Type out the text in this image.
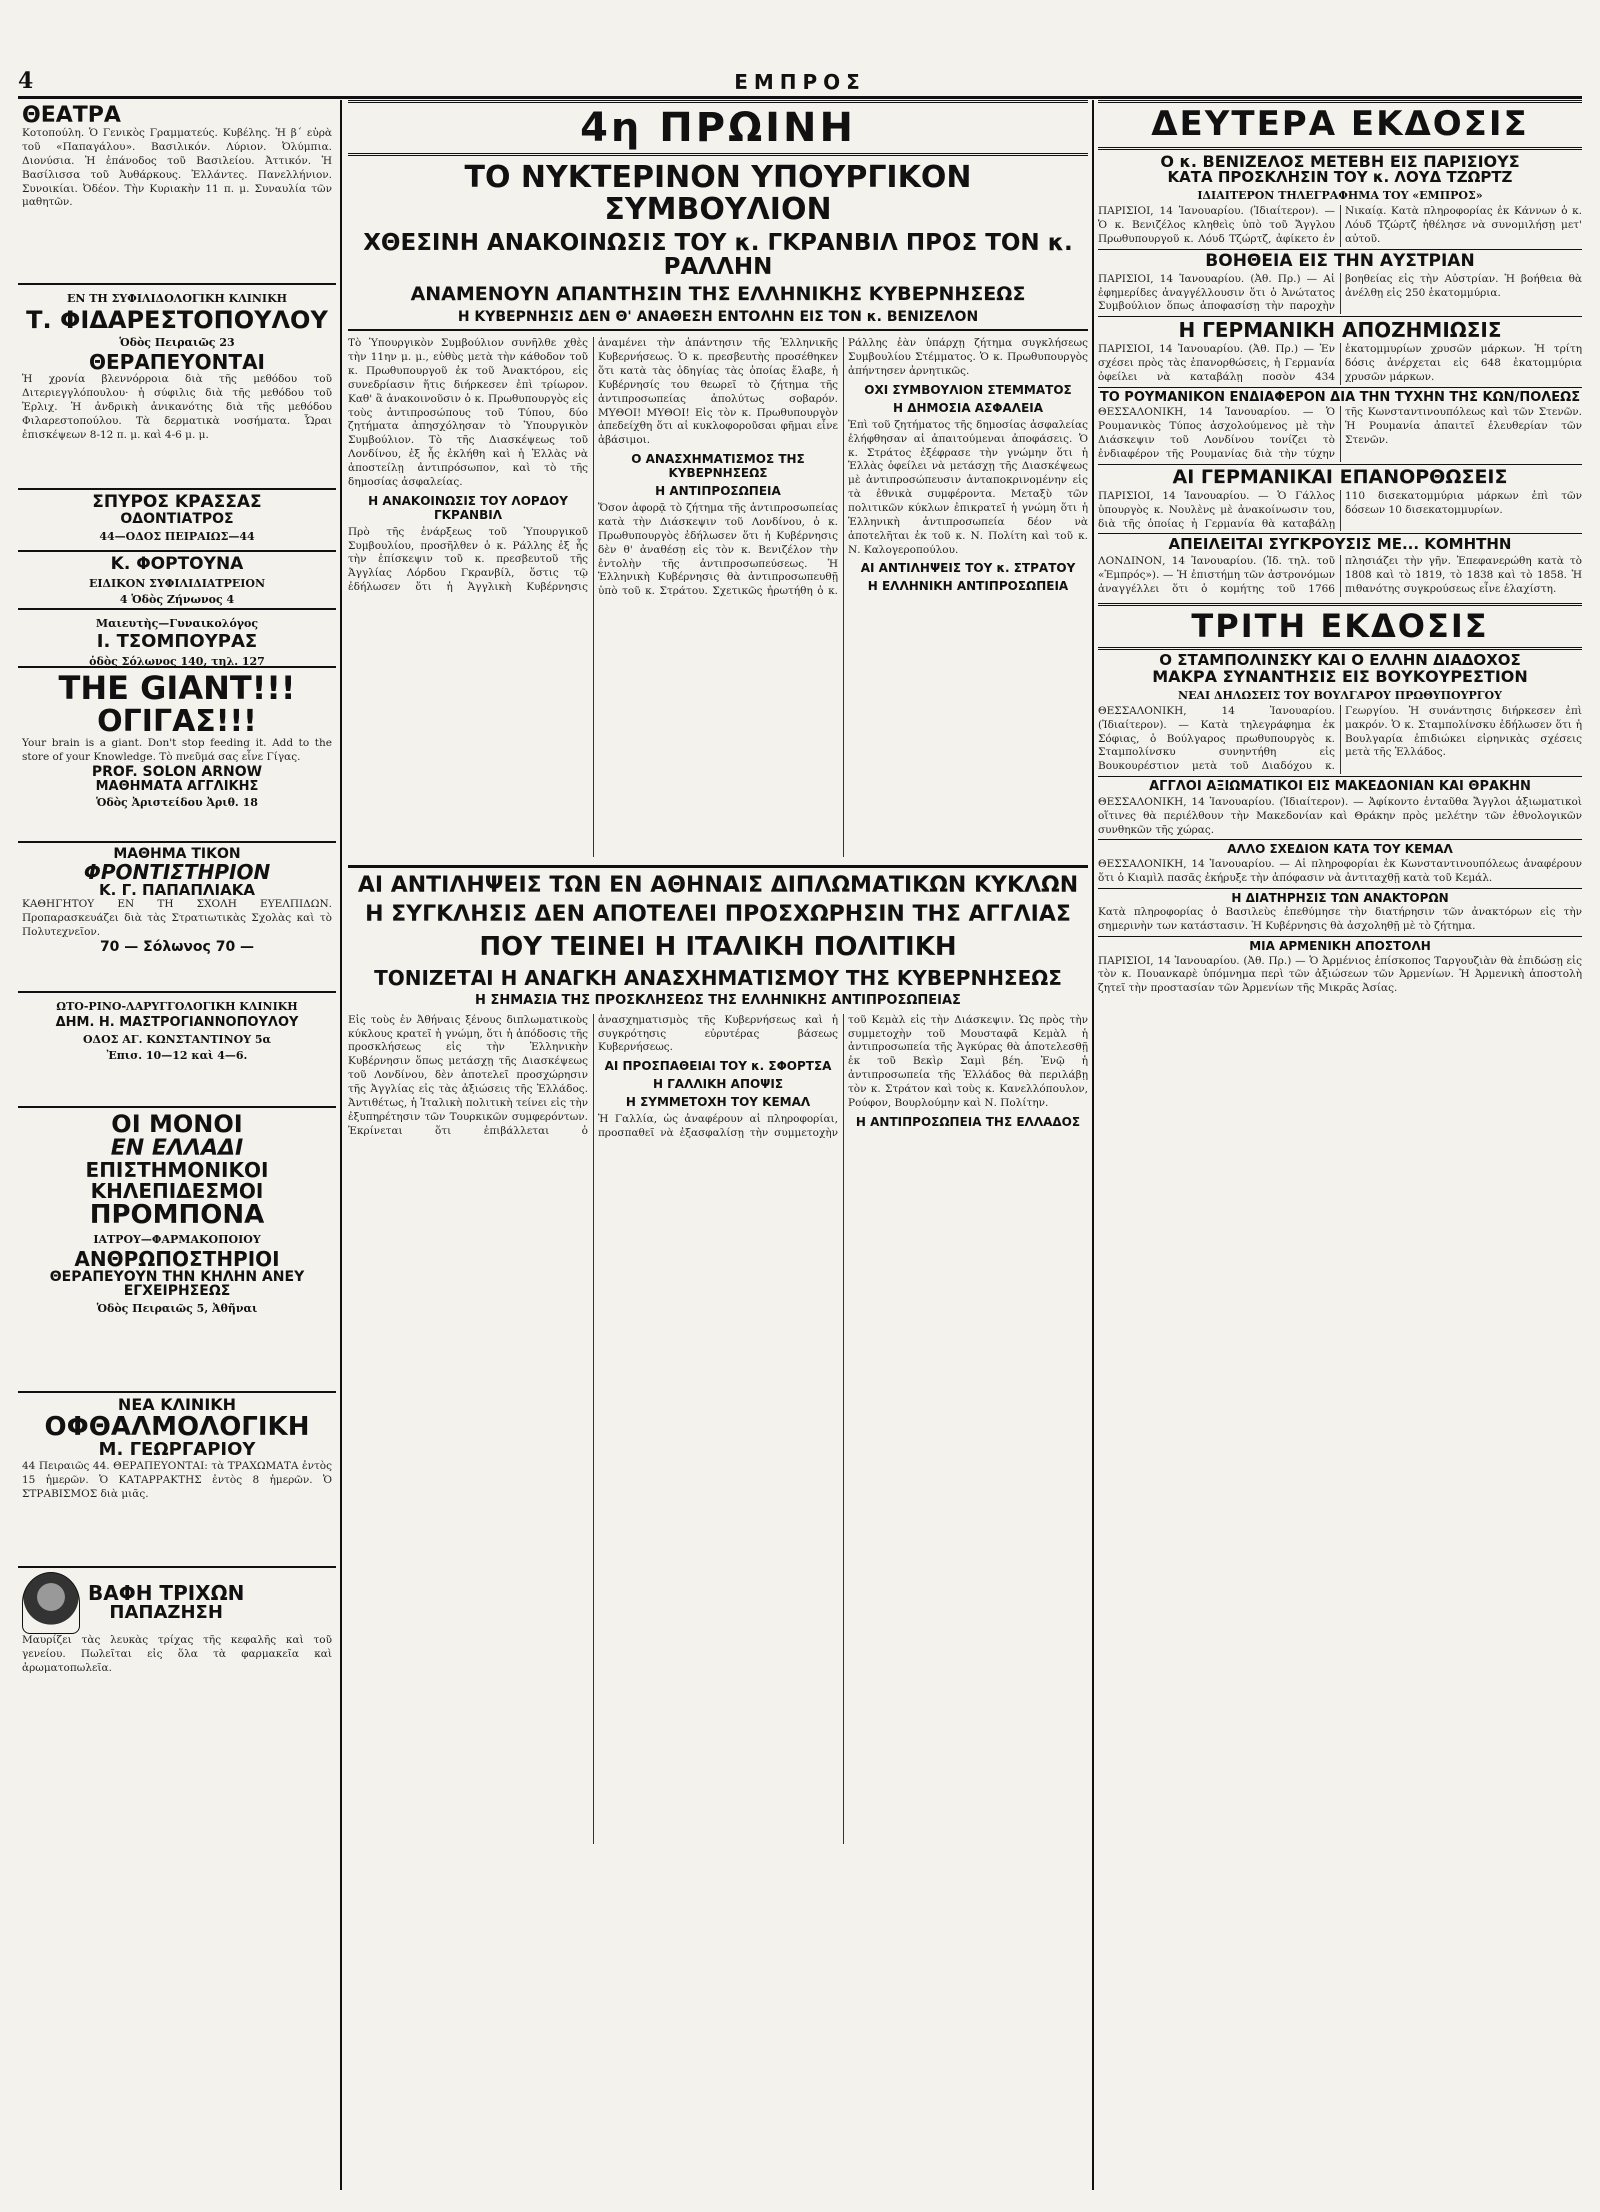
4	ΕΜΠΡΟΣ
ΘΕΑΤΡΑ
Κοτοπούλη. Ὁ Γενικὸς Γραμματεύς. Κυβέλης. Ἡ β΄ εὐρὰ τοῦ «Παπαγάλου». Βασιλικόν. Λύριον. Ὀλύμπια. Διονύσια. Ἡ ἐπάνοδος τοῦ Βασιλείου. Ἀττικόν. Ἡ Βασίλισσα τοῦ Ἀυθάρκους. Ἐλλάντες. Πανελλήνιον. Συνοικίαι. Ὀδέον. Τὴν Κυριακὴν 11 π. μ. Συναυλία τῶν μαθητῶν.
ΕΝ ΤΗ ΣΥΦΙΛΙΔΟΛΟΓΙΚΗ ΚΛΙΝΙΚΗ
Τ. ΦΙΔΑΡΕΣΤΟΠΟΥΛΟΥ
Ὁδὸς Πειραιῶς 23
ΘΕΡΑΠΕΥΟΝΤΑΙ
Ἡ χρονία βλεννόρροια διὰ τῆς μεθόδου τοῦ Διτεριεγγλόπουλου· ἡ σύφιλις διὰ τῆς μεθόδου τοῦ Ἐρλιχ. Ἡ ἀνδρικὴ ἀνικανότης διὰ τῆς μεθόδου Φιλαρεστοπούλου. Τὰ δερματικὰ νοσήματα. Ὧραι ἐπισκέψεων 8-12 π. μ. καὶ 4-6 μ. μ.
ΣΠΥΡΟΣ ΚΡΑΣΣΑΣ
ΟΔΟΝΤΙΑΤΡΟΣ
44—ΟΔΟΣ ΠΕΙΡΑΙΩΣ—44
Κ. ΦΟΡΤΟΥΝΑ
ΕΙΔΙΚΟΝ ΣΥΦΙΛΙΔΙΑΤΡΕΙΟΝ
4 Ὁδὸς Ζήνωνος 4
Μαιευτὴς—Γυναικολόγος
Ι. ΤΣΟΜΠΟΥΡΑΣ
ὁδὸς Σόλωνος 140, τηλ. 127
THE GIANT!!!
ΟΓΙΓΑΣ!!!
Your brain is a giant. Don't stop feeding it. Add to the store of your Knowledge. Τὸ πνεῦμά σας εἶνε Γίγας.
PROF. SOLON ARNOW
ΜΑΘΗΜΑΤΑ ΑΓΓΛΙΚΗΣ
Ὁδὸς Ἀριστείδου Ἀριθ. 18
ΜΑΘΗΜΑ ΤΙΚΟΝ
ΦΡΟΝΤΙΣΤΗΡΙΟΝ
Κ. Γ. ΠΑΠΑΠΛΙΑΚΑ
ΚΑΘΗΓΗΤΟΥ ΕΝ ΤΗ ΣΧΟΛΗ ΕΥΕΛΠΙΔΩΝ. Προπαρασκευάζει διὰ τὰς Στρατιωτικὰς Σχολὰς καὶ τὸ Πολυτεχνεῖον.
70 — Σόλωνος 70 —
ΩΤΟ-ΡΙΝΟ-ΛΑΡΥΓΓΟΛΟΓΙΚΗ ΚΛΙΝΙΚΗ
ΔΗΜ. Η. ΜΑΣΤΡΟΓΙΑΝΝΟΠΟΥΛΟΥ
ΟΔΟΣ ΑΓ. ΚΩΝΣΤΑΝΤΙΝΟΥ 5α
Ἐπισ. 10—12 καὶ 4—6.
ΟΙ ΜΟΝΟΙ
ΕΝ ΕΛΛΑΔΙ
ΕΠΙΣΤΗΜΟΝΙΚΟΙ
ΚΗΛΕΠΙΔΕΣΜΟΙ
ΠΡΟΜΠΟΝΑ
ΙΑΤΡΟΥ—ΦΑΡΜΑΚΟΠΟΙΟΥ
ΑΝΘΡΩΠΟΣΤΗΡΙΟΙ
ΘΕΡΑΠΕΥΟΥΝ ΤΗΝ ΚΗΛΗΝ ΑΝΕΥ ΕΓΧΕΙΡΗΣΕΩΣ
Ὁδὸς Πειραιῶς 5, Ἀθῆναι
ΝΕΑ ΚΛΙΝΙΚΗ
ΟΦΘΑΛΜΟΛΟΓΙΚΗ
Μ. ΓΕΩΡΓΑΡΙΟΥ
44 Πειραιῶς 44. ΘΕΡΑΠΕΥΟΝΤΑΙ: τὰ ΤΡΑΧΩΜΑΤΑ ἐντὸς 15 ἡμερῶν. Ὁ ΚΑΤΑΡΡΑΚΤΗΣ ἐντὸς 8 ἡμερῶν. Ὁ ΣΤΡΑΒΙΣΜΟΣ διὰ μιᾶς.
ΒΑΦΗ ΤΡΙΧΩΝ
ΠΑΠΑΖΗΣΗ
Μαυρίζει τὰς λευκὰς τρίχας τῆς κεφαλῆς καὶ τοῦ γενείου. Πωλεῖται εἰς ὅλα τὰ φαρμακεῖα καὶ ἀρωματοπωλεῖα.
4η ΠΡΩΙΝΗ
ΤΟ ΝΥΚΤΕΡΙΝΟΝ ΥΠΟΥΡΓΙΚΟΝ ΣΥΜΒΟΥΛΙΟΝ
ΧΘΕΣΙΝΗ ΑΝΑΚΟΙΝΩΣΙΣ ΤΟΥ κ. ΓΚΡΑΝΒΙΛ ΠΡΟΣ ΤΟΝ κ. ΡΑΛΛΗΝ
ΑΝΑΜΕΝΟΥΝ ΑΠΑΝΤΗΣΙΝ ΤΗΣ ΕΛΛΗΝΙΚΗΣ ΚΥΒΕΡΝΗΣΕΩΣ
Η ΚΥΒΕΡΝΗΣΙΣ ΔΕΝ Θ' ΑΝΑΘΕΣΗ ΕΝΤΟΛΗΝ ΕΙΣ ΤΟΝ κ. ΒΕΝΙΖΕΛΟΝ

Τὸ Ὑπουργικὸν Συμβούλιον συνῆλθε χθὲς τὴν 11ην μ. μ., εὐθὺς μετὰ τὴν κάθοδον τοῦ κ. Πρωθυπουργοῦ ἐκ τοῦ Ἀνακτόρου, εἰς συνεδρίασιν ἥτις διήρκεσεν ἐπὶ τρίωρον. Καθ' ἃ ἀνακοινοῦσιν ὁ κ. Πρωθυπουργὸς εἰς τοὺς ἀντιπροσώπους τοῦ Τύπου, δύο ζητήματα ἀπησχόλησαν τὸ Ὑπουργικὸν Συμβούλιον. Τὸ τῆς Διασκέψεως τοῦ Λονδίνου, ἐξ ἧς ἐκλήθη καὶ ἡ Ἑλλὰς νὰ ἀποστείλῃ ἀντιπρόσωπον, καὶ τὸ τῆς δημοσίας ἀσφαλείας.

Η ΑΝΑΚΟΙΝΩΣΙΣ ΤΟΥ ΛΟΡΔΟΥ ΓΚΡΑΝΒΙΛ

Πρὸ τῆς ἐνάρξεως τοῦ Ὑπουργικοῦ Συμβουλίου, προσῆλθεν ὁ κ. Ράλλης ἐξ ἧς τὴν ἐπίσκεψιν τοῦ κ. πρεσβευτοῦ τῆς Ἀγγλίας Λόρδου Γκρανβίλ, ὅστις τῷ ἐδήλωσεν ὅτι ἡ Ἀγγλικὴ Κυβέρνησις ἀναμένει τὴν ἀπάντησιν τῆς Ἑλληνικῆς Κυβερνήσεως. Ὁ κ. πρεσβευτὴς προσέθηκεν ὅτι κατὰ τὰς ὁδηγίας τὰς ὁποίας ἔλαβε, ἡ Κυβέρνησίς του θεωρεῖ τὸ ζήτημα τῆς ἀντιπροσωπείας ἀπολύτως σοβαρόν. ΜΥΘΟΙ! ΜΥΘΟΙ! Εἰς τὸν κ. Πρωθυπουργὸν ἀπεδείχθη ὅτι αἱ κυκλοφοροῦσαι φῆμαι εἶνε ἀβάσιμοι.

Ο ΑΝΑΣΧΗΜΑΤΙΣΜΟΣ ΤΗΣ ΚΥΒΕΡΝΗΣΕΩΣ
Η ΑΝΤΙΠΡΟΣΩΠΕΙΑ

Ὅσον ἀφορᾷ τὸ ζήτημα τῆς ἀντιπροσωπείας κατὰ τὴν Διάσκεψιν τοῦ Λονδίνου, ὁ κ. Πρωθυπουργὸς ἐδήλωσεν ὅτι ἡ Κυβέρνησις δὲν θ' ἀναθέσῃ εἰς τὸν κ. Βενιζέλον τὴν ἐντολὴν τῆς ἀντιπροσωπεύσεως. Ἡ Ἑλληνικὴ Κυβέρνησις θὰ ἀντιπροσωπευθῇ ὑπὸ τοῦ κ. Στράτου. Σχετικῶς ἠρωτήθη ὁ κ. Ράλλης ἐὰν ὑπάρχῃ ζήτημα συγκλήσεως Συμβουλίου Στέμματος. Ὁ κ. Πρωθυπουργὸς ἀπήντησεν ἀρνητικῶς.

ΟΧΙ ΣΥΜΒΟΥΛΙΟΝ ΣΤΕΜΜΑΤΟΣ
Η ΔΗΜΟΣΙΑ ΑΣΦΑΛΕΙΑ

Ἐπὶ τοῦ ζητήματος τῆς δημοσίας ἀσφαλείας ἐλήφθησαν αἱ ἀπαιτούμεναι ἀποφάσεις. Ὁ κ. Στράτος ἐξέφρασε τὴν γνώμην ὅτι ἡ Ἑλλὰς ὀφείλει νὰ μετάσχῃ τῆς Διασκέψεως μὲ ἀντιπροσώπευσιν ἀνταποκρινομένην εἰς τὰ ἐθνικὰ συμφέροντα. Μεταξὺ τῶν πολιτικῶν κύκλων ἐπικρατεῖ ἡ γνώμη ὅτι ἡ Ἑλληνικὴ ἀντιπροσωπεία δέον νὰ ἀποτελῆται ἐκ τοῦ κ. Ν. Πολίτη καὶ τοῦ κ. Ν. Καλογεροπούλου.

ΑΙ ΑΝΤΙΛΗΨΕΙΣ ΤΟΥ κ. ΣΤΡΑΤΟΥ
Η ΕΛΛΗΝΙΚΗ ΑΝΤΙΠΡΟΣΩΠΕΙΑ
ΑΙ ΑΝΤΙΛΗΨΕΙΣ ΤΩΝ ΕΝ ΑΘΗΝΑΙΣ ΔΙΠΛΩΜΑΤΙΚΩΝ ΚΥΚΛΩΝ
Η ΣΥΓΚΛΗΣΙΣ ΔΕΝ ΑΠΟΤΕΛΕΙ ΠΡΟΣΧΩΡΗΣΙΝ ΤΗΣ ΑΓΓΛΙΑΣ
ΠΟΥ ΤΕΙΝΕΙ Η ΙΤΑΛΙΚΗ ΠΟΛΙΤΙΚΗ
ΤΟΝΙΖΕΤΑΙ Η ΑΝΑΓΚΗ ΑΝΑΣΧΗΜΑΤΙΣΜΟΥ ΤΗΣ ΚΥΒΕΡΝΗΣΕΩΣ
Η ΣΗΜΑΣΙΑ ΤΗΣ ΠΡΟΣΚΛΗΣΕΩΣ ΤΗΣ ΕΛΛΗΝΙΚΗΣ ΑΝΤΙΠΡΟΣΩΠΕΙΑΣ

Εἰς τοὺς ἐν Ἀθήναις ξένους διπλωματικοὺς κύκλους κρατεῖ ἡ γνώμη, ὅτι ἡ ἀπόδοσις τῆς προσκλήσεως εἰς τὴν Ἑλληνικὴν Κυβέρνησιν ὅπως μετάσχῃ τῆς Διασκέψεως τοῦ Λονδίνου, δὲν ἀποτελεῖ προσχώρησιν τῆς Ἀγγλίας εἰς τὰς ἀξιώσεις τῆς Ἑλλάδος. Ἀντιθέτως, ἡ Ἰταλικὴ πολιτικὴ τείνει εἰς τὴν ἐξυπηρέτησιν τῶν Τουρκικῶν συμφερόντων. Ἐκρίνεται ὅτι ἐπιβάλλεται ὁ ἀνασχηματισμὸς τῆς Κυβερνήσεως καὶ ἡ συγκρότησις εὐρυτέρας βάσεως Κυβερνήσεως.

ΑΙ ΠΡΟΣΠΑΘΕΙΑΙ ΤΟΥ κ. ΣΦΟΡΤΣΑ
Η ΓΑΛΛΙΚΗ ΑΠΟΨΙΣ
Η ΣΥΜΜΕΤΟΧΗ ΤΟΥ ΚΕΜΑΛ

Ἡ Γαλλία, ὡς ἀναφέρουν αἱ πληροφορίαι, προσπαθεῖ νὰ ἐξασφαλίσῃ τὴν συμμετοχὴν τοῦ Κεμὰλ εἰς τὴν Διάσκεψιν. Ὡς πρὸς τὴν συμμετοχὴν τοῦ Μουσταφᾶ Κεμὰλ ἡ ἀντιπροσωπεία τῆς Ἀγκύρας θὰ ἀποτελεσθῇ ἐκ τοῦ Βεκὶρ Σαμὶ βέη. Ἐνῷ ἡ ἀντιπροσωπεία τῆς Ἑλλάδος θὰ περιλάβῃ τὸν κ. Στράτον καὶ τοὺς κ. Κανελλόπουλον, Ρούφον, Βουρλούμην καὶ Ν. Πολίτην.

Η ΑΝΤΙΠΡΟΣΩΠΕΙΑ ΤΗΣ ΕΛΛΑΔΟΣ
ΔΕΥΤΕΡΑ ΕΚΔΟΣΙΣ
Ο κ. ΒΕΝΙΖΕΛΟΣ ΜΕΤΕΒΗ ΕΙΣ ΠΑΡΙΣΙΟΥΣ
ΚΑΤΑ ΠΡΟΣΚΛΗΣΙΝ ΤΟΥ κ. ΛΟΥΔ ΤΖΩΡΤΖ
ΙΔΙΑΙΤΕΡΟΝ ΤΗΛΕΓΡΑΦΗΜΑ ΤΟΥ «ΕΜΠΡΟΣ»

ΠΑΡΙΣΙΟΙ, 14 Ἰανουαρίου. (Ἰδιαίτερον). — Ὁ κ. Βενιζέλος κληθεὶς ὑπὸ τοῦ Ἄγγλου Πρωθυπουργοῦ κ. Λόυδ Τζώρτζ, ἀφίκετο ἐν Νικαίᾳ. Κατὰ πληροφορίας ἐκ Κάννων ὁ κ. Λόυδ Τζώρτζ ἠθέλησε νὰ συνομιλήσῃ μετ' αὐτοῦ.

ΒΟΗΘΕΙΑ ΕΙΣ ΤΗΝ ΑΥΣΤΡΙΑΝ

ΠΑΡΙΣΙΟΙ, 14 Ἰανουαρίου. (Ἀθ. Πρ.) — Αἱ ἐφημερίδες ἀναγγέλλουσιν ὅτι ὁ Ἀνώτατος Συμβούλιον ὅπως ἀποφασίσῃ τὴν παροχὴν βοηθείας εἰς τὴν Αὐστρίαν. Ἡ βοήθεια θὰ ἀνέλθῃ εἰς 250 ἑκατομμύρια.

Η ΓΕΡΜΑΝΙΚΗ ΑΠΟΖΗΜΙΩΣΙΣ

ΠΑΡΙΣΙΟΙ, 14 Ἰανουαρίου. (Ἀθ. Πρ.) — Ἐν σχέσει πρὸς τὰς ἐπανορθώσεις, ἡ Γερμανία ὀφείλει νὰ καταβάλῃ ποσὸν 434 ἑκατομμυρίων χρυσῶν μάρκων. Ἡ τρίτη δόσις ἀνέρχεται εἰς 648 ἑκατομμύρια χρυσῶν μάρκων.

ΤΟ ΡΟΥΜΑΝΙΚΟΝ ΕΝΔΙΑΦΕΡΟΝ ΔΙΑ ΤΗΝ ΤΥΧΗΝ ΤΗΣ ΚΩΝ/ΠΟΛΕΩΣ

ΘΕΣΣΑΛΟΝΙΚΗ, 14 Ἰανουαρίου. — Ὁ Ρουμανικὸς Τύπος ἀσχολούμενος μὲ τὴν Διάσκεψιν τοῦ Λονδίνου τονίζει τὸ ἐνδιαφέρον τῆς Ρουμανίας διὰ τὴν τύχην τῆς Κωνσταντινουπόλεως καὶ τῶν Στενῶν. Ἡ Ρουμανία ἀπαιτεῖ ἐλευθερίαν τῶν Στενῶν.

ΑΙ ΓΕΡΜΑΝΙΚΑΙ ΕΠΑΝΟΡΘΩΣΕΙΣ

ΠΑΡΙΣΙΟΙ, 14 Ἰανουαρίου. — Ὁ Γάλλος ὑπουργὸς κ. Νουλὲνς μὲ ἀνακοίνωσιν του, διὰ τῆς ὁποίας ἡ Γερμανία θὰ καταβάλῃ 110 δισεκατομμύρια μάρκων ἐπὶ τῶν δόσεων 10 δισεκατομμυρίων.

ΑΠΕΙΛΕΙΤΑΙ ΣΥΓΚΡΟΥΣΙΣ ΜΕ... ΚΟΜΗΤΗΝ

ΛΟΝΔΙΝΟΝ, 14 Ἰανουαρίου. (Ἰδ. τηλ. τοῦ «Ἐμπρός»). — Ἡ ἐπιστήμη τῶν ἀστρονόμων ἀναγγέλλει ὅτι ὁ κομήτης τοῦ 1766 πλησιάζει τὴν γῆν. Ἐπεφανερώθη κατὰ τὸ 1808 καὶ τὸ 1819, τὸ 1838 καὶ τὸ 1858. Ἡ πιθανότης συγκρούσεως εἶνε ἐλαχίστη.

ΤΡΙΤΗ ΕΚΔΟΣΙΣ
Ο ΣΤΑΜΠΟΛΙΝΣΚΥ ΚΑΙ Ο ΕΛΛΗΝ ΔΙΑΔΟΧΟΣ
ΜΑΚΡΑ ΣΥΝΑΝΤΗΣΙΣ ΕΙΣ ΒΟΥΚΟΥΡΕΣΤΙΟΝ
ΝΕΑΙ ΔΗΛΩΣΕΙΣ ΤΟΥ ΒΟΥΛΓΑΡΟΥ ΠΡΩΘΥΠΟΥΡΓΟΥ

ΘΕΣΣΑΛΟΝΙΚΗ, 14 Ἰανουαρίου. (Ἰδιαίτερον). — Κατὰ τηλεγράφημα ἐκ Σόφιας, ὁ Βούλγαρος πρωθυπουργὸς κ. Σταμπολίνσκυ συνηντήθη εἰς Βουκουρέστιον μετὰ τοῦ Διαδόχου κ. Γεωργίου. Ἡ συνάντησις διήρκεσεν ἐπὶ μακρόν. Ὁ κ. Σταμπολίνσκυ ἐδήλωσεν ὅτι ἡ Βουλγαρία ἐπιδιώκει εἰρηνικὰς σχέσεις μετὰ τῆς Ἑλλάδος.

ΑΓΓΛΟΙ ΑΞΙΩΜΑΤΙΚΟΙ ΕΙΣ ΜΑΚΕΔΟΝΙΑΝ ΚΑΙ ΘΡΑΚΗΝ

ΘΕΣΣΑΛΟΝΙΚΗ, 14 Ἰανουαρίου. (Ἰδιαίτερον). — Ἀφίκοντο ἐνταῦθα Ἄγγλοι ἀξιωματικοὶ οἵτινες θὰ περιέλθουν τὴν Μακεδονίαν καὶ Θράκην πρὸς μελέτην τῶν ἐθνολογικῶν συνθηκῶν τῆς χώρας.

ΑΛΛΟ ΣΧΕΔΙΟΝ ΚΑΤΑ ΤΟΥ ΚΕΜΑΛ

ΘΕΣΣΑΛΟΝΙΚΗ, 14 Ἰανουαρίου. — Αἱ πληροφορίαι ἐκ Κωνσταντινουπόλεως ἀναφέρουν ὅτι ὁ Κιαμὶλ πασᾶς ἐκήρυξε τὴν ἀπόφασιν νὰ ἀντιταχθῇ κατὰ τοῦ Κεμάλ.

Η ΔΙΑΤΗΡΗΣΙΣ ΤΩΝ ΑΝΑΚΤΟΡΩΝ

Κατὰ πληροφορίας ὁ Βασιλεὺς ἐπεθύμησε τὴν διατήρησιν τῶν ἀνακτόρων εἰς τὴν σημερινὴν των κατάστασιν. Ἡ Κυβέρνησις θὰ ἀσχοληθῇ μὲ τὸ ζήτημα.

ΜΙΑ ΑΡΜΕΝΙΚΗ ΑΠΟΣΤΟΛΗ

ΠΑΡΙΣΙΟΙ, 14 Ἰανουαρίου. (Ἀθ. Πρ.) — Ὁ Ἀρμένιος ἐπίσκοπος Ταργουζιὰν θὰ ἐπιδώσῃ εἰς τὸν κ. Πουανκαρὲ ὑπόμνημα περὶ τῶν ἀξιώσεων τῶν Ἀρμενίων. Ἡ Ἀρμενικὴ ἀποστολὴ ζητεῖ τὴν προστασίαν τῶν Ἀρμενίων τῆς Μικρᾶς Ἀσίας.
